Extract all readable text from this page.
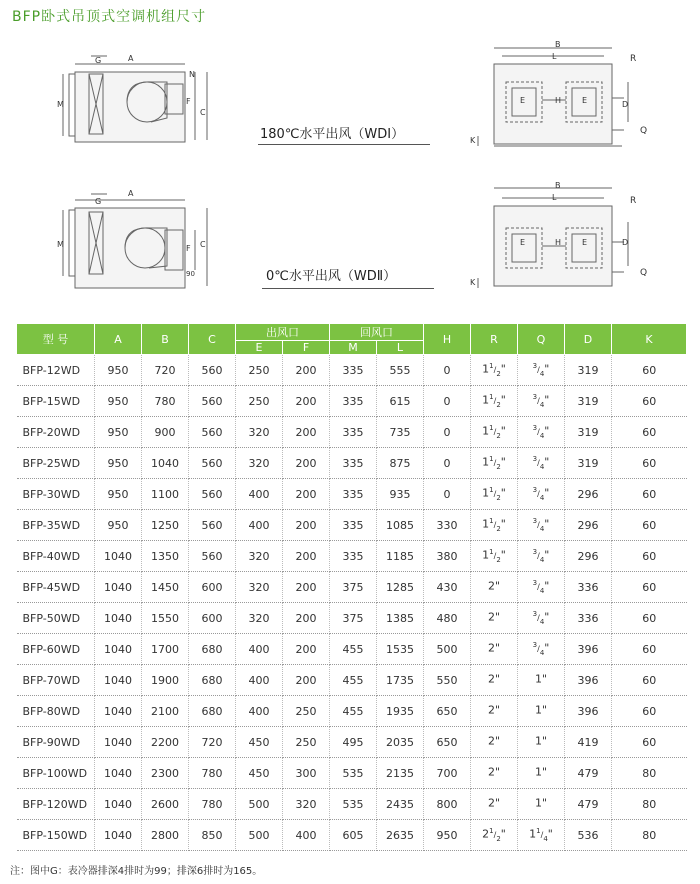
BFP卧式吊顶式空调机组尺寸
A
G
N
M	F
C
180℃水平出风（WDI）
B
L	R
E	H	E	D
K
Q
A
G
M	F C
90	0℃水平出风（WDⅡ）
B
L	R
E	H	E	D
K
Q
型 号	A	B	C	出风口		回风口		H	R	Q	D	K
				E	F	M	L					
BFP-12WD	950	720	560	250	200	335	555	0	$1^1/_2$"	$^3/_4$"	319	60
BFP-15WD	950	780	560	250	200	335	615	0	$1^1/_2$"	$^3/_4$"	319	60
BFP-20WD	950	900	560	320	200	335	735	0	$1^1/_2$"	$^3/_4$"	319	60
BFP-25WD	950	1040	560	320	200	335	875	0	$1^1/_2$"	$^3/_4$"	319	60
BFP-30WD	950	1100	560	400	200	335	935	0	$1^1/_2$"	$^3/_4$"	296	60
BFP-35WD	950	1250	560	400	200	335	1085	330	$1^1/_2$"	$^3/_4$"	296	60
BFP-40WD	1040	1350	560	320	200	335	1185	380	$1^1/_2$"	$^3/_4$"	296	60
BFP-45WD	1040	1450	600	320	200	375	1285	430	2"	$^3/_4$"	336	60
BFP-50WD	1040	1550	600	320	200	375	1385	480	2"	$^3/_4$"	336	60
BFP-60WD	1040	1700	680	400	200	455	1535	500	2"	$^3/_4$"	396	60
BFP-70WD	1040	1900	680	400	200	455	1735	550	2"	1"	396	60
BFP-80WD	1040	2100	680	400	250	455	1935	650	2"	1"	396	60
BFP-90WD	1040	2200	720	450	250	495	2035	650	2"	1"	419	60
BFP-100WD	1040	2300	780	450	300	535	2135	700	2"	1"	479	80
BFP-120WD	1040	2600	780	500	320	535	2435	800	2"	1"	479	80
BFP-150WD	1040	2800	850	500	400	605	2635	950	$2^1/_2$"	$1^1/_4$"	536	80
注：图中G：表冷器排深4排时为99；排深6排时为165。
